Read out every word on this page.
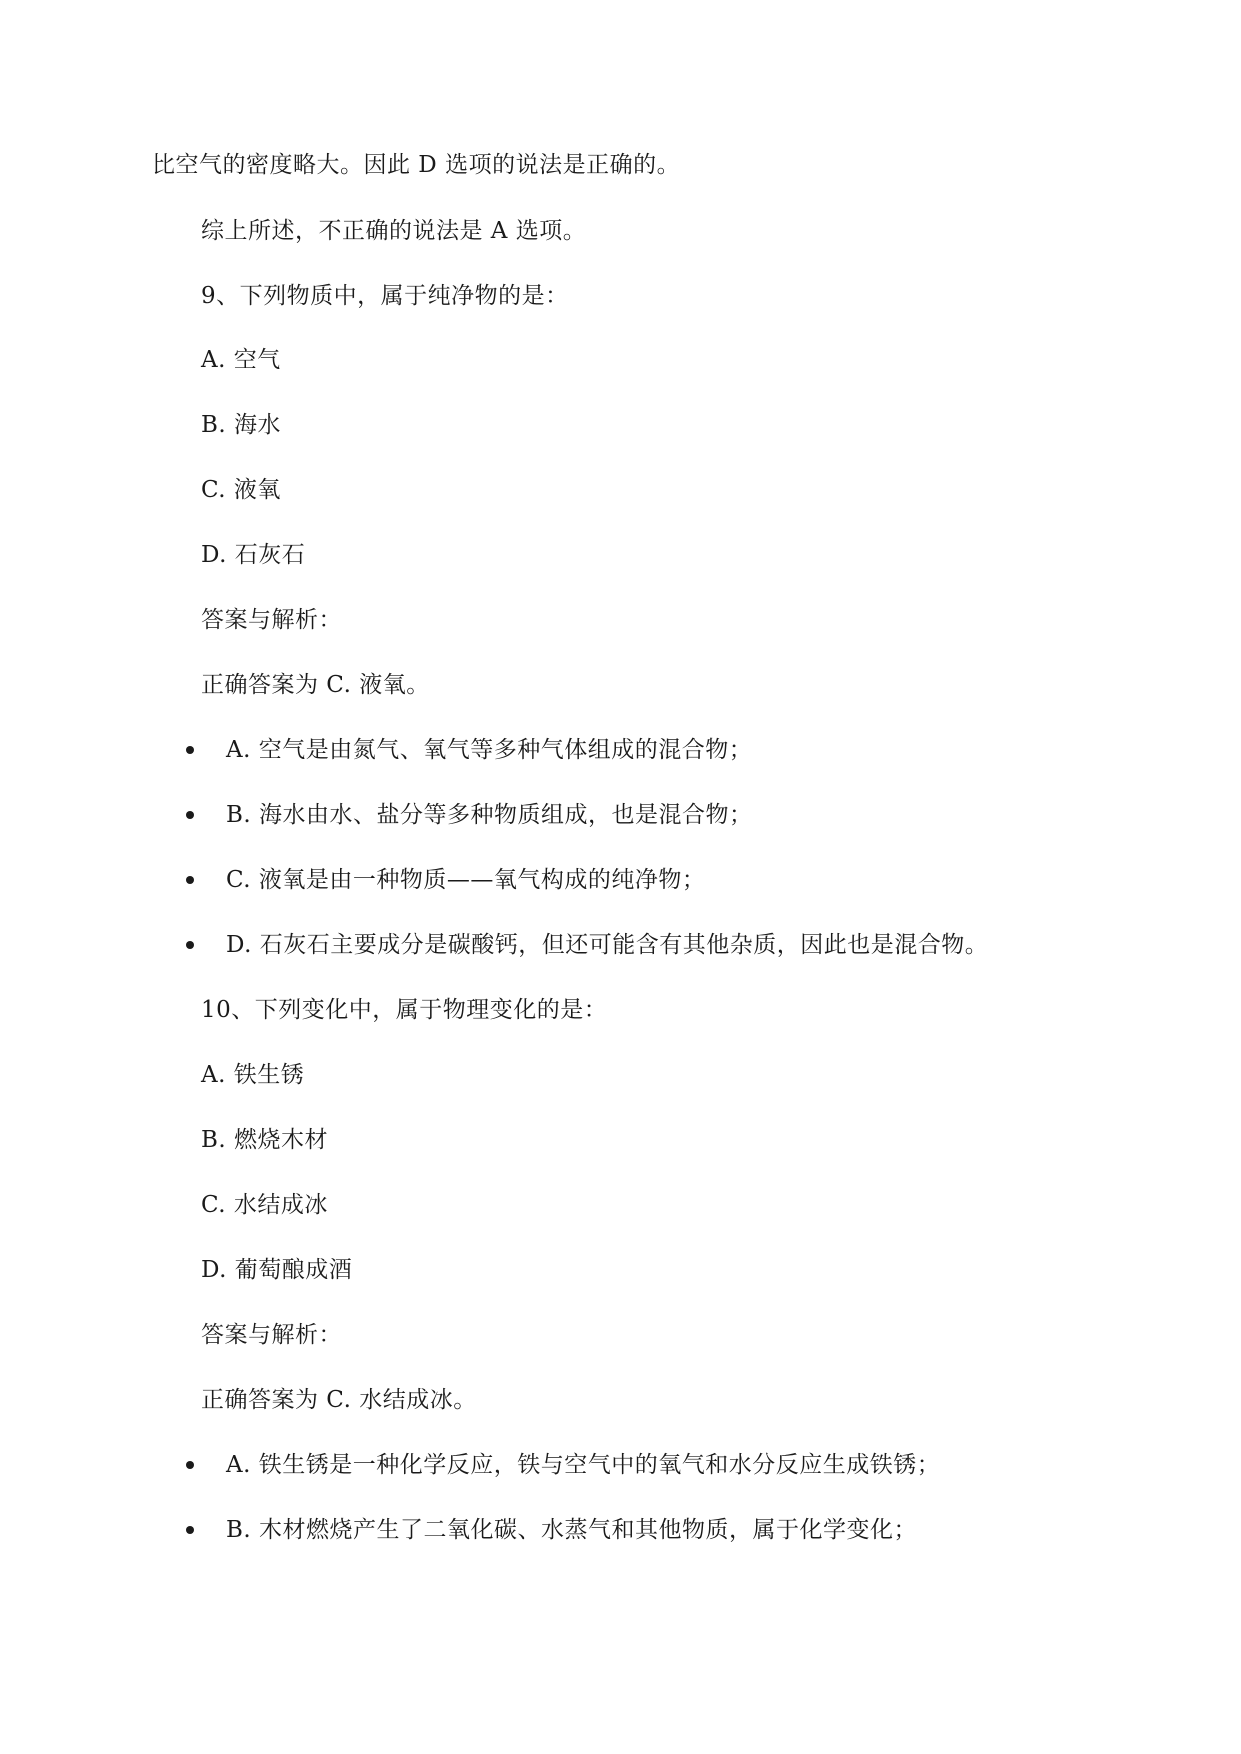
比空气的密度略大。因此 D 选项的说法是正确的。
综上所述，不正确的说法是 A 选项。
9、下列物质中，属于纯净物的是：
A. 空气
B. 海水
C. 液氧
D. 石灰石
答案与解析：
正确答案为 C. 液氧。
A. 空气是由氮气、氧气等多种气体组成的混合物；
B. 海水由水、盐分等多种物质组成，也是混合物；
C. 液氧是由一种物质——氧气构成的纯净物；
D. 石灰石主要成分是碳酸钙，但还可能含有其他杂质，因此也是混合物。
10、下列变化中，属于物理变化的是：
A. 铁生锈
B. 燃烧木材
C. 水结成冰
D. 葡萄酿成酒
答案与解析：
正确答案为 C. 水结成冰。
A. 铁生锈是一种化学反应，铁与空气中的氧气和水分反应生成铁锈；
B. 木材燃烧产生了二氧化碳、水蒸气和其他物质，属于化学变化；
